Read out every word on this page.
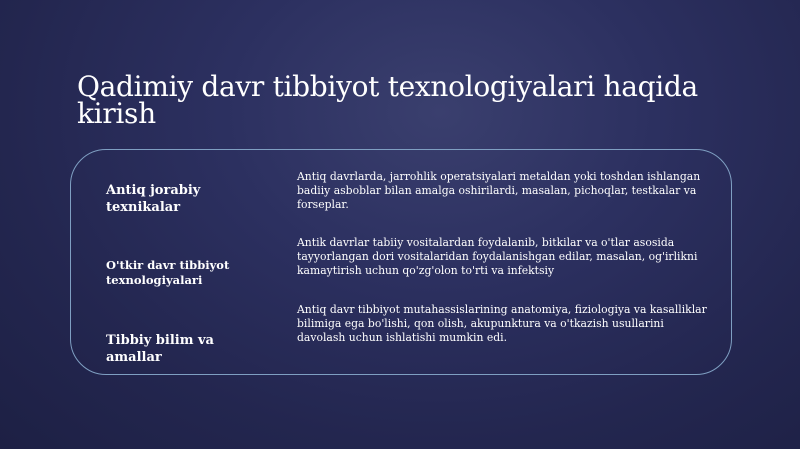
Qadimiy davr tibbiyot texnologiyalari haqida kirish
Antiq jorabiy texnikalar
Antiq davrlarda, jarrohlik operatsiyalari metaldan yoki toshdan ishlangan badiiy asboblar bilan amalga oshirilardi, masalan, pichoqlar, testkalar va forseplar.
O'tkir davr tibbiyot texnologiyalari
Antik davrlar tabiiy vositalardan foydalanib, bitkilar va o'tlar asosida tayyorlangan dori vositalaridan foydalanishgan edilar, masalan, og'irlikni kamaytirish uchun qo'zg'olon to'rti va infektsiy
Tibbiy bilim va amallar
Antiq davr tibbiyot mutahassislarining anatomiya, fiziologiya va kasalliklar bilimiga ega bo'lishi, qon olish, akupunktura va o'tkazish usullarini davolash uchun ishlatishi mumkin edi.
